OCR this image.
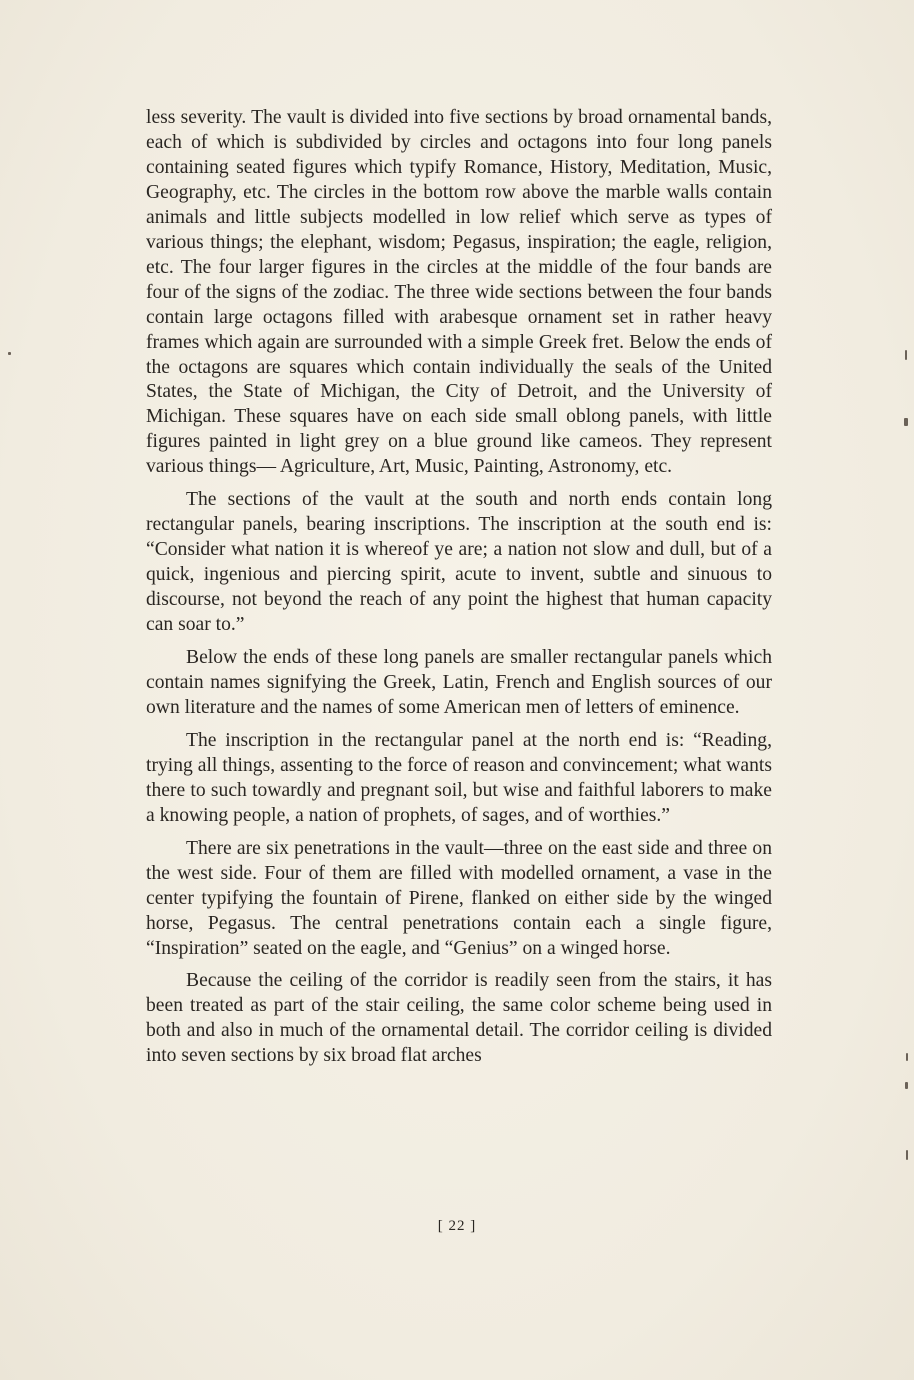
less severity. The vault is divided into five sections by broad ornamental bands, each of which is subdivided by circles and octagons into four long panels containing seated figures which typify Romance, History, Meditation, Music, Geography, etc. The circles in the bottom row above the marble walls contain animals and little subjects modelled in low relief which serve as types of various things; the elephant, wisdom; Pegasus, inspiration; the eagle, religion, etc. The four larger figures in the circles at the middle of the four bands are four of the signs of the zodiac. The three wide sections between the four bands contain large octagons filled with arabesque ornament set in rather heavy frames which again are surrounded with a simple Greek fret. Below the ends of the octagons are squares which contain individually the seals of the United States, the State of Michigan, the City of Detroit, and the University of Michigan. These squares have on each side small oblong panels, with little figures painted in light grey on a blue ground like cameos. They represent various things— Agriculture, Art, Music, Painting, Astronomy, etc.

The sections of the vault at the south and north ends contain long rectangular panels, bearing inscriptions. The inscription at the south end is: “Consider what nation it is whereof ye are; a nation not slow and dull, but of a quick, ingenious and piercing spirit, acute to invent, subtle and sinuous to discourse, not beyond the reach of any point the highest that human capacity can soar to.”

Below the ends of these long panels are smaller rectangular panels which contain names signifying the Greek, Latin, French and English sources of our own literature and the names of some American men of letters of eminence.

The inscription in the rectangular panel at the north end is: “Reading, trying all things, assenting to the force of reason and convincement; what wants there to such towardly and pregnant soil, but wise and faithful laborers to make a knowing people, a nation of prophets, of sages, and of worthies.”

There are six penetrations in the vault—three on the east side and three on the west side. Four of them are filled with modelled ornament, a vase in the center typifying the fountain of Pirene, flanked on either side by the winged horse, Pegasus. The central penetrations contain each a single figure, “Inspiration” seated on the eagle, and “Genius” on a winged horse.

Because the ceiling of the corridor is readily seen from the stairs, it has been treated as part of the stair ceiling, the same color scheme being used in both and also in much of the ornamental detail. The corridor ceiling is divided into seven sections by six broad flat arches

[ 22 ]
